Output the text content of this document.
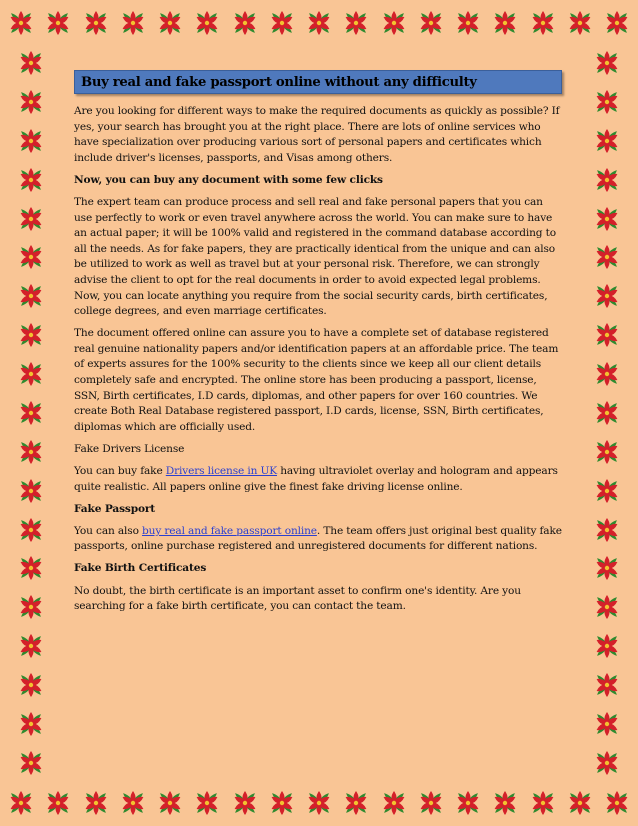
Buy real and fake passport online without any difficulty

Are you looking for different ways to make the required documents as quickly as possible? If yes, your search has brought you at the right place. There are lots of online services who have specialization over producing various sort of personal papers and certificates which include driver's licenses, passports, and Visas among others.

Now, you can buy any document with some few clicks

The expert team can produce process and sell real and fake personal papers that you can use perfectly to work or even travel anywhere across the world. You can make sure to have an actual paper; it will be 100% valid and registered in the command database according to all the needs. As for fake papers, they are practically identical from the unique and can also be utilized to work as well as travel but at your personal risk. Therefore, we can strongly advise the client to opt for the real documents in order to avoid expected legal problems. Now, you can locate anything you require from the social security cards, birth certificates, college degrees, and even marriage certificates.

The document offered online can assure you to have a complete set of database registered real genuine nationality papers and/or identification papers at an affordable price. The team of experts assures for the 100% security to the clients since we keep all our client details completely safe and encrypted. The online store has been producing a passport, license, SSN, Birth certificates, I.D cards, diplomas, and other papers for over 160 countries. We create Both Real Database registered passport, I.D cards, license, SSN, Birth certificates, diplomas which are officially used.

Fake Drivers License

You can buy fake Drivers license in UK having ultraviolet overlay and hologram and appears quite realistic. All papers online give the finest fake driving license online.

Fake Passport

You can also buy real and fake passport online. The team offers just original best quality fake passports, online purchase registered and unregistered documents for different nations.

Fake Birth Certificates

No doubt, the birth certificate is an important asset to confirm one's identity. Are you searching for a fake birth certificate, you can contact the team.
